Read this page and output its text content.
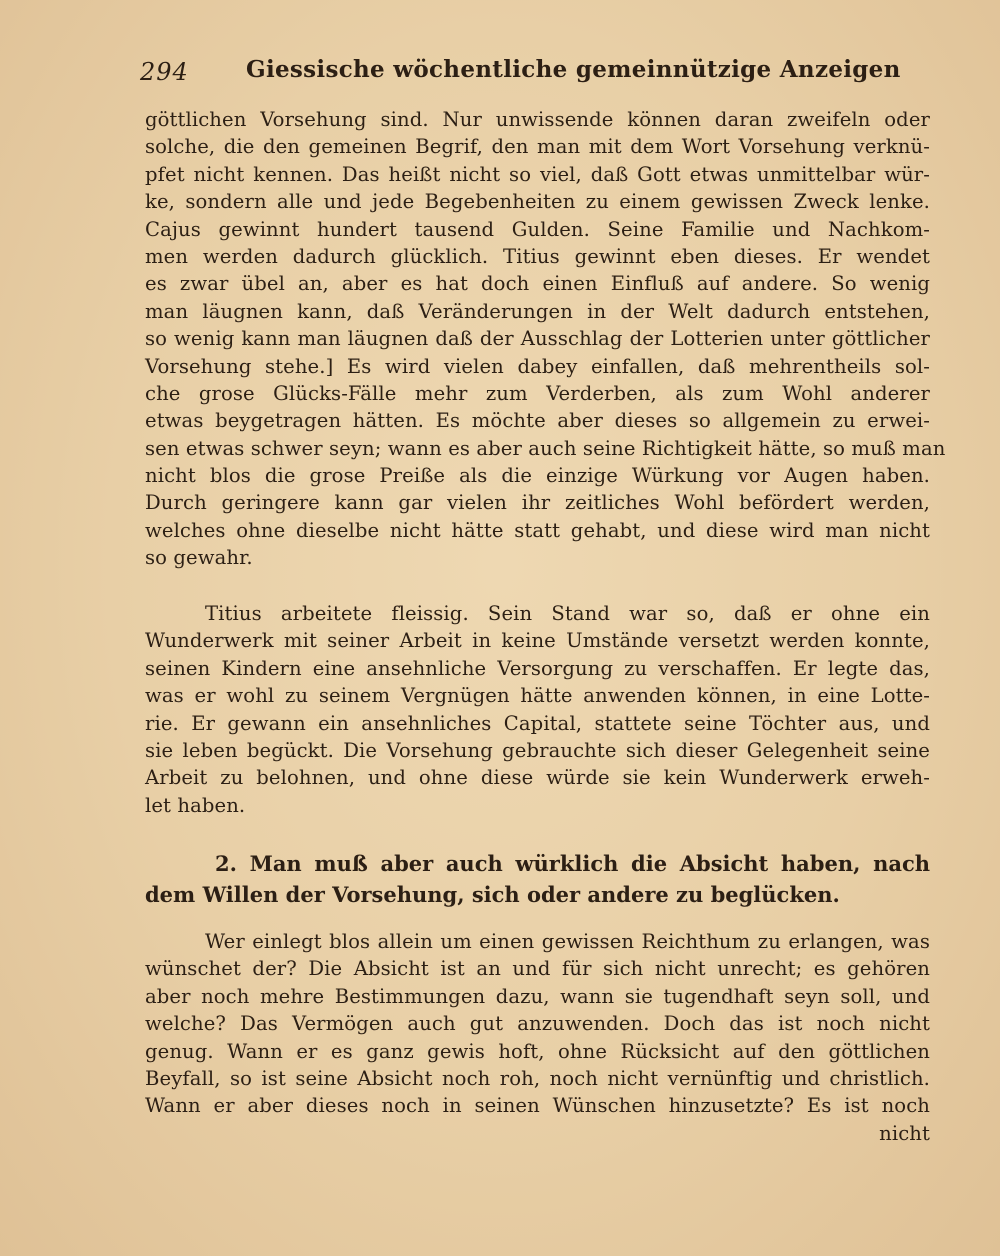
294 Giessische wöchentliche gemeinnützige Anzeigen
göttlichen Vorsehung sind. Nur unwissende können daran zweifeln oder
solche, die den gemeinen Begrif, den man mit dem Wort Vorsehung verknü-
pfet nicht kennen. Das heißt nicht so viel, daß Gott etwas unmittelbar wür-
ke, sondern alle und jede Begebenheiten zu einem gewissen Zweck lenke.
Cajus gewinnt hundert tausend Gulden. Seine Familie und Nachkom-
men werden dadurch glücklich. Titius gewinnt eben dieses. Er wendet
es zwar übel an, aber es hat doch einen Einfluß auf andere. So wenig
man läugnen kann, daß Veränderungen in der Welt dadurch entstehen,
so wenig kann man läugnen daß der Ausschlag der Lotterien unter göttlicher
Vorsehung stehe.] Es wird vielen dabey einfallen, daß mehrentheils sol-
che grose Glücks-Fälle mehr zum Verderben, als zum Wohl anderer
etwas beygetragen hätten. Es möchte aber dieses so allgemein zu erwei-
sen etwas schwer seyn; wann es aber auch seine Richtigkeit hätte, so muß man
nicht blos die grose Preiße als die einzige Würkung vor Augen haben.
Durch geringere kann gar vielen ihr zeitliches Wohl befördert werden,
welches ohne dieselbe nicht hätte statt gehabt, und diese wird man nicht
so gewahr.
Titius arbeitete fleissig. Sein Stand war so, daß er ohne ein
Wunderwerk mit seiner Arbeit in keine Umstände versetzt werden konnte,
seinen Kindern eine ansehnliche Versorgung zu verschaffen. Er legte das,
was er wohl zu seinem Vergnügen hätte anwenden können, in eine Lotte-
rie. Er gewann ein ansehnliches Capital, stattete seine Töchter aus, und
sie leben begückt. Die Vorsehung gebrauchte sich dieser Gelegenheit seine
Arbeit zu belohnen, und ohne diese würde sie kein Wunderwerk erweh-
let haben.
2. Man muß aber auch würklich die Absicht haben, nach
dem Willen der Vorsehung, sich oder andere zu beglücken.
Wer einlegt blos allein um einen gewissen Reichthum zu erlangen, was
wünschet der? Die Absicht ist an und für sich nicht unrecht; es gehören
aber noch mehre Bestimmungen dazu, wann sie tugendhaft seyn soll, und
welche? Das Vermögen auch gut anzuwenden. Doch das ist noch nicht
genug. Wann er es ganz gewis hoft, ohne Rücksicht auf den göttlichen
Beyfall, so ist seine Absicht noch roh, noch nicht vernünftig und christlich.
Wann er aber dieses noch in seinen Wünschen hinzusetzte? Es ist noch
nicht
